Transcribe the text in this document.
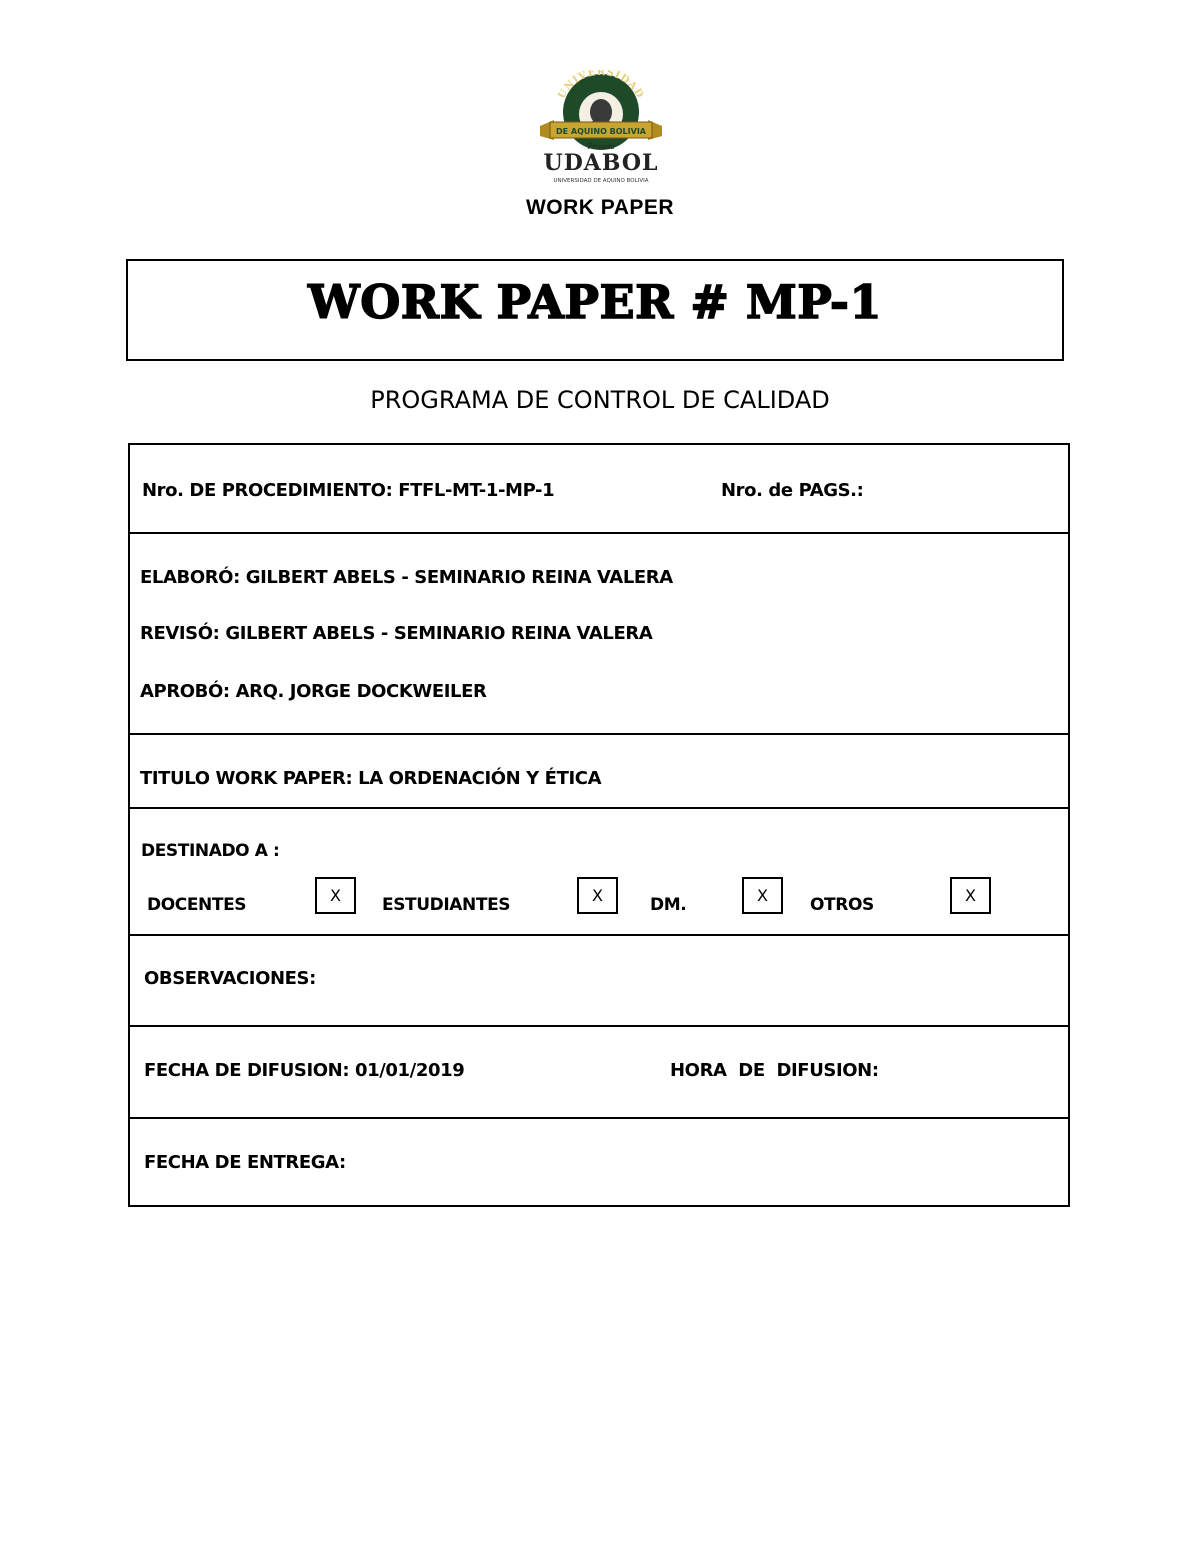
UNIVERSIDAD
DE AQUINO BOLIVIA
Privada
UDABOL
UNIVERSIDAD DE AQUINO BOLIVIA
WORK PAPER
WORK PAPER # MP-1
PROGRAMA DE CONTROL DE CALIDAD
Nro. DE PROCEDIMIENTO: FTFL-MT-1-MP-1	Nro. de PAGS.:
ELABORÓ: GILBERT ABELS - SEMINARIO REINA VALERA
REVISÓ: GILBERT ABELS - SEMINARIO REINA VALERA
APROBÓ: ARQ. JORGE DOCKWEILER
TITULO WORK PAPER: LA ORDENACIÓN Y ÉTICA
DESTINADO A :
DOCENTES	X	ESTUDIANTES	X	DM.	X	OTROS	X
OBSERVACIONES:
FECHA DE DIFUSION: 01/01/2019	HORA  DE  DIFUSION:
FECHA DE ENTREGA:
